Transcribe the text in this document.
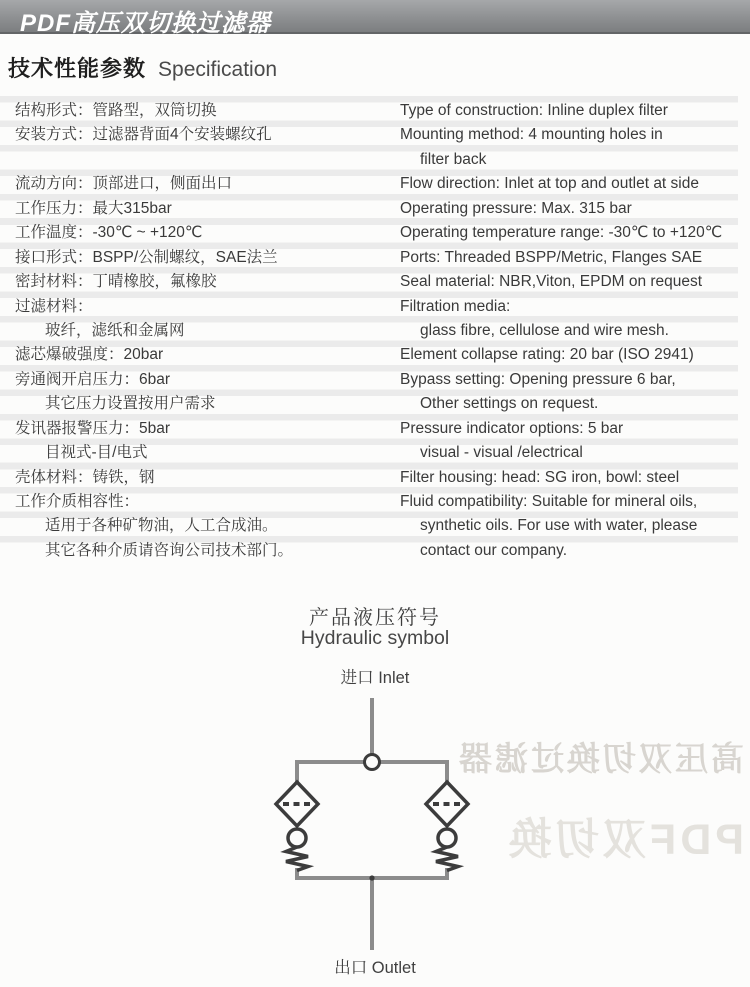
PDF高压双切换过滤器
技术性能参数 Specification
结构形式：管路型，双筒切换	Type of construction: Inline duplex filter
安装方式：过滤器背面4个安装螺纹孔	Mounting method: 4 mounting holes in
filter back
流动方向：顶部进口，侧面出口	Flow direction: Inlet at top and outlet at side
工作压力：最大315bar	Operating pressure: Max. 315 bar
工作温度：-30℃ ~ +120℃	Operating temperature range: -30℃ to +120℃
接口形式：BSPP/公制螺纹，SAE法兰	Ports: Threaded BSPP/Metric, Flanges SAE
密封材料：丁晴橡胶，氟橡胶	Seal material: NBR,Viton, EPDM on request
过滤材料：	Filtration media:
玻纤，滤纸和金属网	glass fibre, cellulose and wire mesh.
滤芯爆破强度：20bar	Element collapse rating: 20 bar (ISO 2941)
旁通阀开启压力：6bar	Bypass setting: Opening pressure 6 bar,
其它压力设置按用户需求	Other settings on request.
发讯器报警压力：5bar	Pressure indicator options: 5 bar
目视式-目/电式	visual - visual /electrical
壳体材料：铸铁，钢	Filter housing: head: SG iron, bowl: steel
工作介质相容性：	Fluid compatibility: Suitable for mineral oils,
适用于各种矿物油，人工合成油。	synthetic oils. For use with water, please
其它各种介质请咨询公司技术部门。	contact our company.
高压双切换过滤器
PDF双切换
产品液压符号
Hydraulic symbol
进口 Inlet
出口 Outlet
